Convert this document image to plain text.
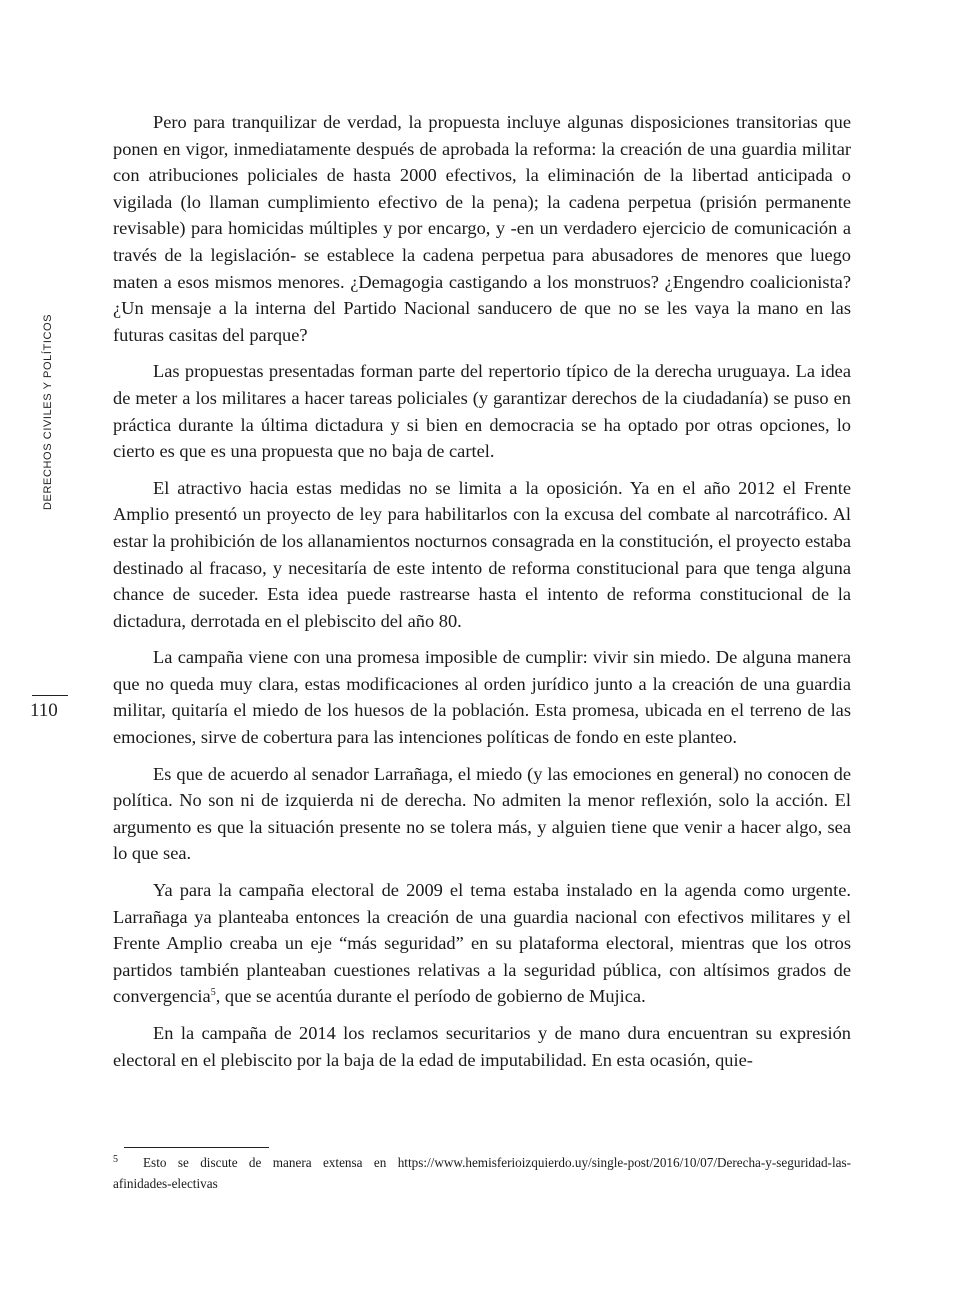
DERECHOS CIVILES Y POLÍTICOS
110

Pero para tranquilizar de verdad, la propuesta incluye algunas disposiciones transitorias que ponen en vigor, inmediatamente después de aprobada la reforma: la creación de una guardia militar con atribuciones policiales de hasta 2000 efectivos, la eliminación de la libertad anticipada o vigilada (lo llaman cumplimiento efectivo de la pena); la cadena perpetua (prisión permanente revisable) para homicidas múltiples y por encargo, y -en un verdadero ejercicio de comunicación a través de la legislación- se establece la cadena perpetua para abusadores de menores que luego maten a esos mismos menores. ¿Demagogia castigando a los monstruos? ¿Engendro coalicionista? ¿Un mensaje a la interna del Partido Nacional sanducero de que no se les vaya la mano en las futuras casitas del parque?

Las propuestas presentadas forman parte del repertorio típico de la derecha uruguaya. La idea de meter a los militares a hacer tareas policiales (y garantizar derechos de la ciudadanía) se puso en práctica durante la última dictadura y si bien en democracia se ha optado por otras opciones, lo cierto es que es una propuesta que no baja de cartel.

El atractivo hacia estas medidas no se limita a la oposición. Ya en el año 2012 el Frente Amplio presentó un proyecto de ley para habilitarlos con la excusa del combate al narcotráfico. Al estar la prohibición de los allanamientos nocturnos consagrada en la constitución, el proyecto estaba destinado al fracaso, y necesitaría de este intento de reforma constitucional para que tenga alguna chance de suceder. Esta idea puede rastrearse hasta el intento de reforma constitucional de la dictadura, derrotada en el plebiscito del año 80.

La campaña viene con una promesa imposible de cumplir: vivir sin miedo. De alguna manera que no queda muy clara, estas modificaciones al orden jurídico junto a la creación de una guardia militar, quitaría el miedo de los huesos de la población. Esta promesa, ubicada en el terreno de las emociones, sirve de cobertura para las intenciones políticas de fondo en este planteo.

Es que de acuerdo al senador Larrañaga, el miedo (y las emociones en general) no conocen de política. No son ni de izquierda ni de derecha. No admiten la menor reflexión, solo la acción. El argumento es que la situación presente no se tolera más, y alguien tiene que venir a hacer algo, sea lo que sea.

Ya para la campaña electoral de 2009 el tema estaba instalado en la agenda como urgente. Larrañaga ya planteaba entonces la creación de una guardia nacional con efectivos militares y el Frente Amplio creaba un eje “más seguridad” en su plataforma electoral, mientras que los otros partidos también planteaban cuestiones relativas a la seguridad pública, con altísimos grados de convergencia$^5$, que se acentúa durante el período de gobierno de Mujica.

En la campaña de 2014 los reclamos securitarios y de mano dura encuentran su expresión electoral en el plebiscito por la baja de la edad de imputabilidad. En esta ocasión, quie-

5 Esto se discute de manera extensa en https://www.hemisferioizquierdo.uy/single-post/2016/10/07/Derecha-y-seguridad-las-afinidades-electivas
